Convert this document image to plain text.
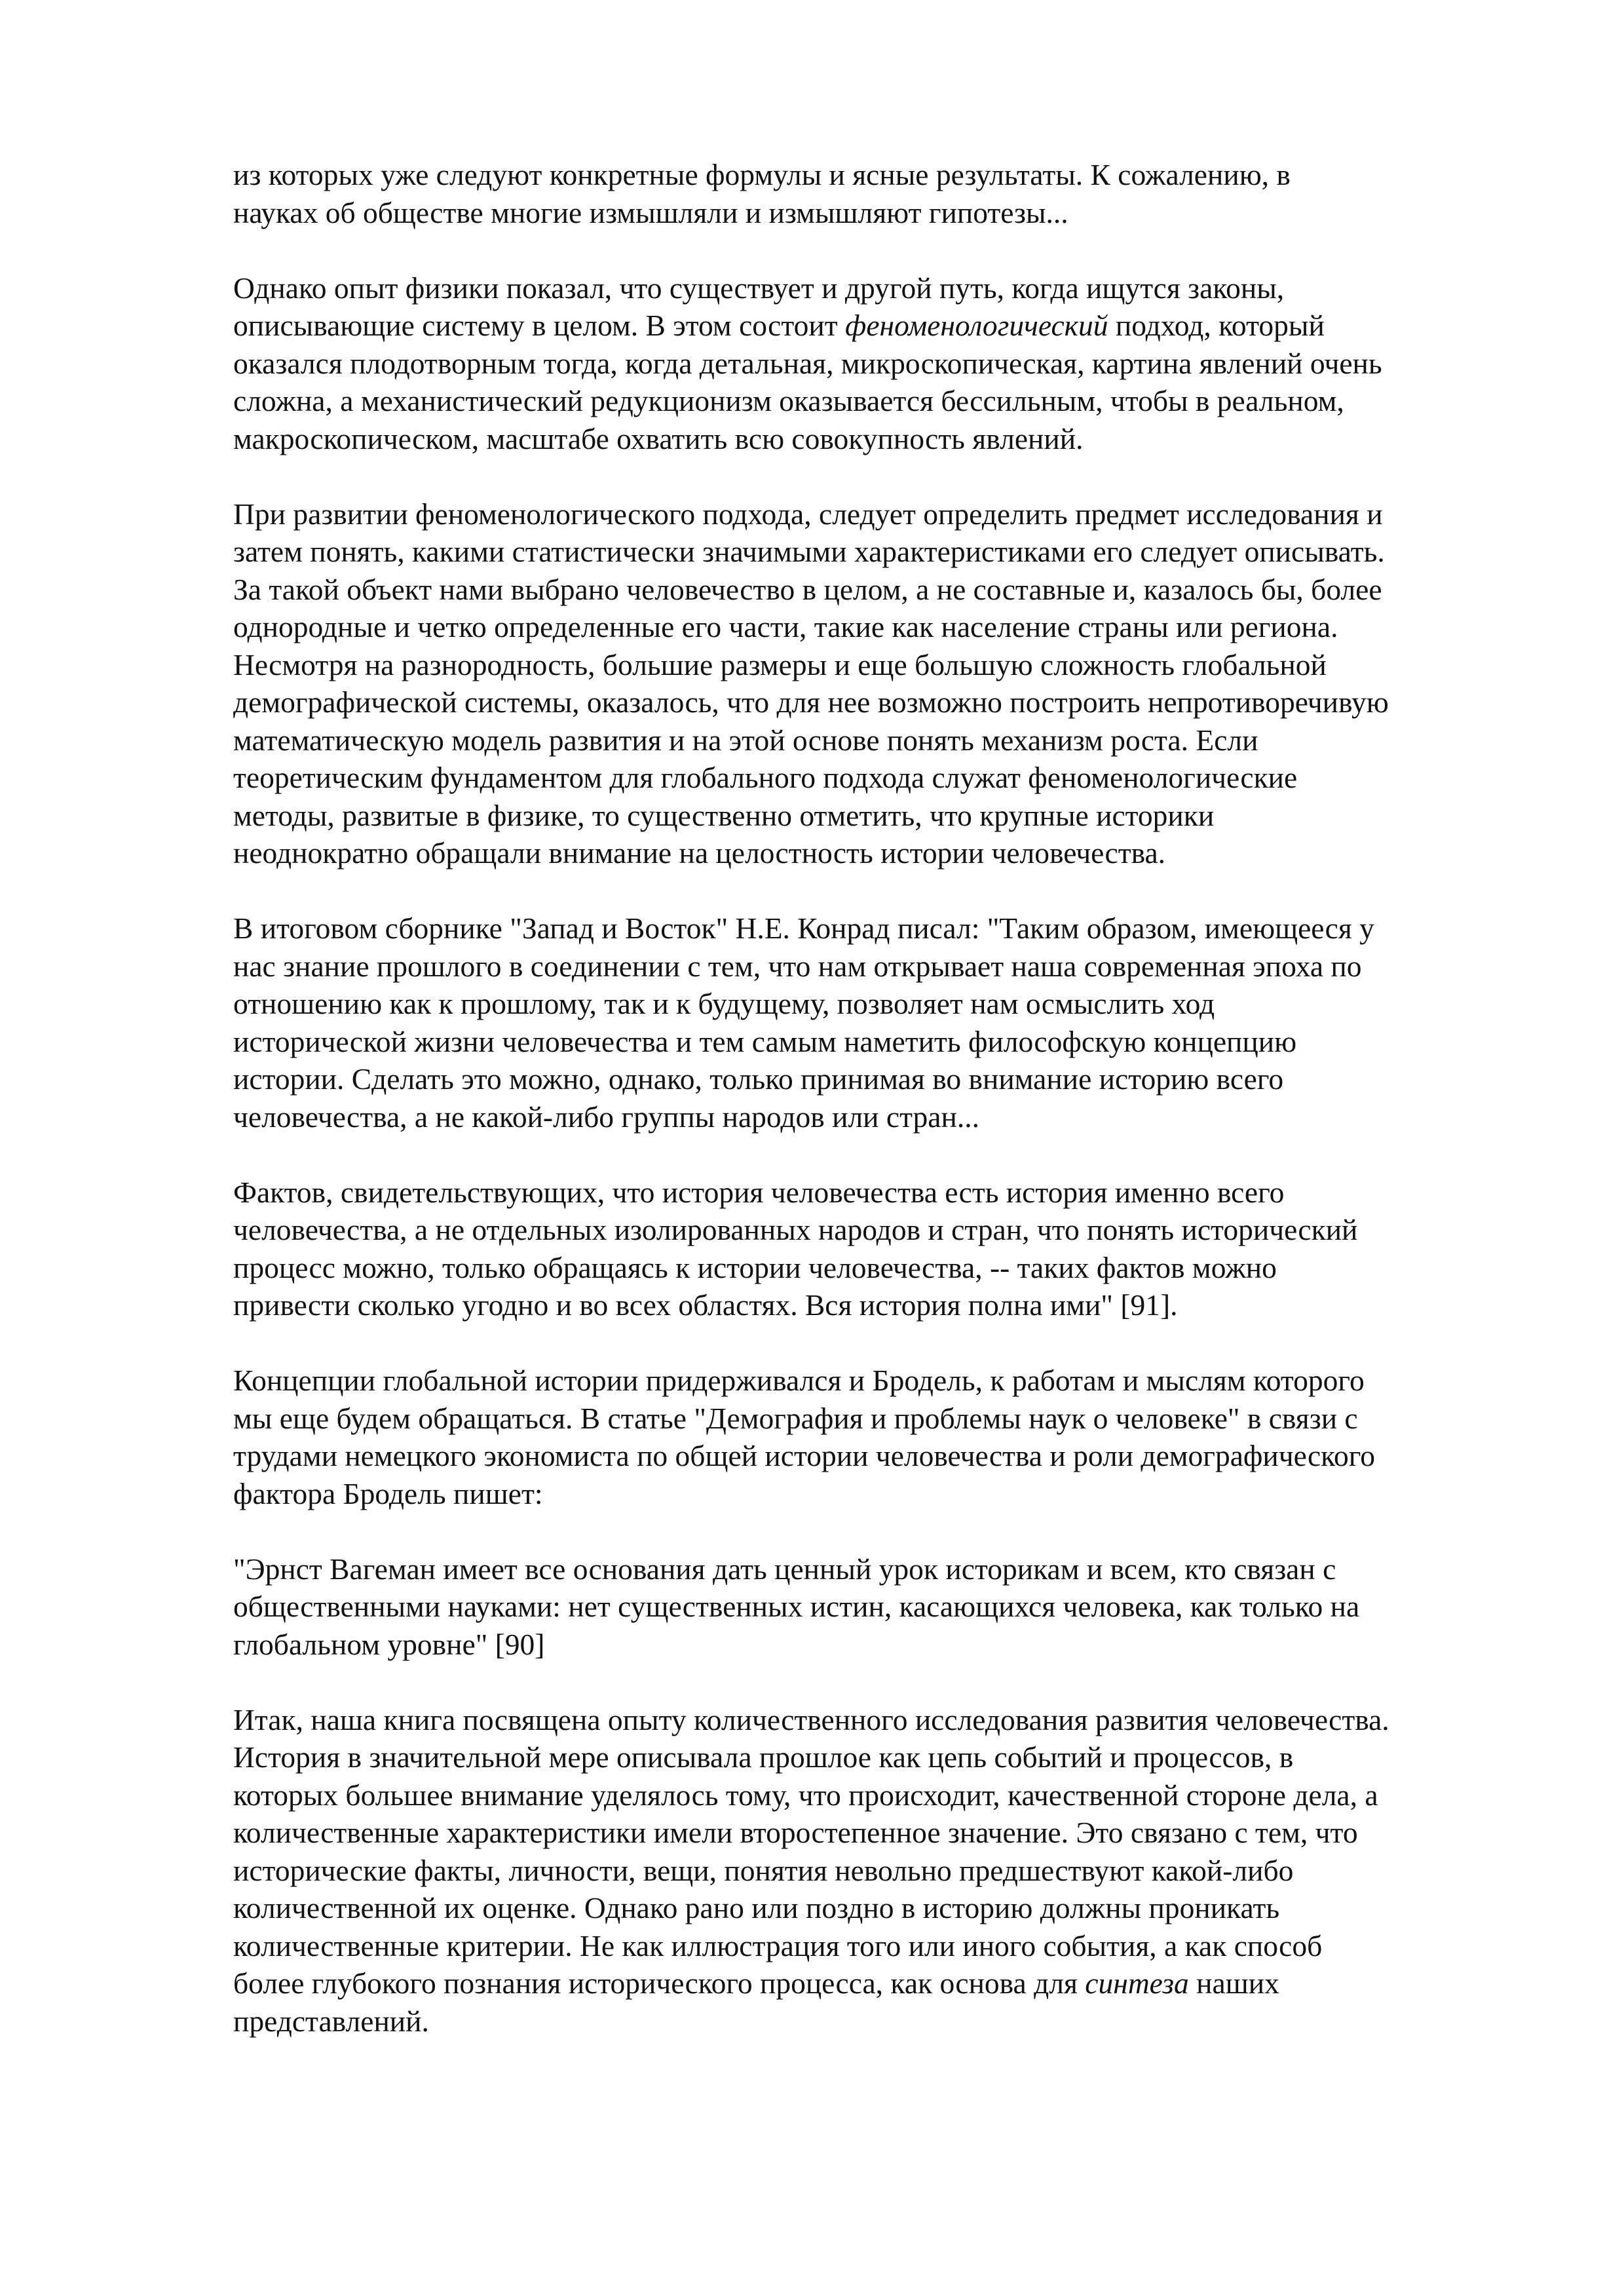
из которых уже следуют конкретные формулы и ясные результаты. К сожалению, в
науках об обществе многие измышляли и измышляют гипотезы...

Однако опыт физики показал, что существует и другой путь, когда ищутся законы,
описывающие систему в целом. В этом состоит феноменологический подход, который
оказался плодотворным тогда, когда детальная, микроскопическая, картина явлений очень
сложна, а механистический редукционизм оказывается бессильным, чтобы в реальном,
макроскопическом, масштабе охватить всю совокупность явлений.

При развитии феноменологического подхода, следует определить предмет исследования и
затем понять, какими статистически значимыми характеристиками его следует описывать.
За такой объект нами выбрано человечество в целом, а не составные и, казалось бы, более
однородные и четко определенные его части, такие как население страны или региона.
Несмотря на разнородность, большие размеры и еще большую сложность глобальной
демографической системы, оказалось, что для нее возможно построить непротиворечивую
математическую модель развития и на этой основе понять механизм роста. Если
теоретическим фундаментом для глобального подхода служат феноменологические
методы, развитые в физике, то существенно отметить, что крупные историки
неоднократно обращали внимание на целостность истории человечества.

В итоговом сборнике "Запад и Восток" Н.Е. Конрад писал: "Таким образом, имеющееся у
нас знание прошлого в соединении с тем, что нам открывает наша современная эпоха по
отношению как к прошлому, так и к будущему, позволяет нам осмыслить ход
исторической жизни человечества и тем самым наметить философскую концепцию
истории. Сделать это можно, однако, только принимая во внимание историю всего
человечества, а не какой-либо группы народов или стран...

Фактов, свидетельствующих, что история человечества есть история именно всего
человечества, а не отдельных изолированных народов и стран, что понять исторический
процесс можно, только обращаясь к истории человечества, -- таких фактов можно
привести сколько угодно и во всех областях. Вся история полна ими" [91].

Концепции глобальной истории придерживался и Бродель, к работам и мыслям которого
мы еще будем обращаться. В статье "Демография и проблемы наук о человеке" в связи с
трудами немецкого экономиста по общей истории человечества и роли демографического
фактора Бродель пишет:

"Эрнст Вагеман имеет все основания дать ценный урок историкам и всем, кто связан с
общественными науками: нет существенных истин, касающихся человека, как только на
глобальном уровне" [90]

Итак, наша книга посвящена опыту количественного исследования развития человечества.
История в значительной мере описывала прошлое как цепь событий и процессов, в
которых большее внимание уделялось тому, что происходит, качественной стороне дела, а
количественные характеристики имели второстепенное значение. Это связано с тем, что
исторические факты, личности, вещи, понятия невольно предшествуют какой-либо
количественной их оценке. Однако рано или поздно в историю должны проникать
количественные критерии. Не как иллюстрация того или иного события, а как способ
более глубокого познания исторического процесса, как основа для синтеза наших
представлений.
